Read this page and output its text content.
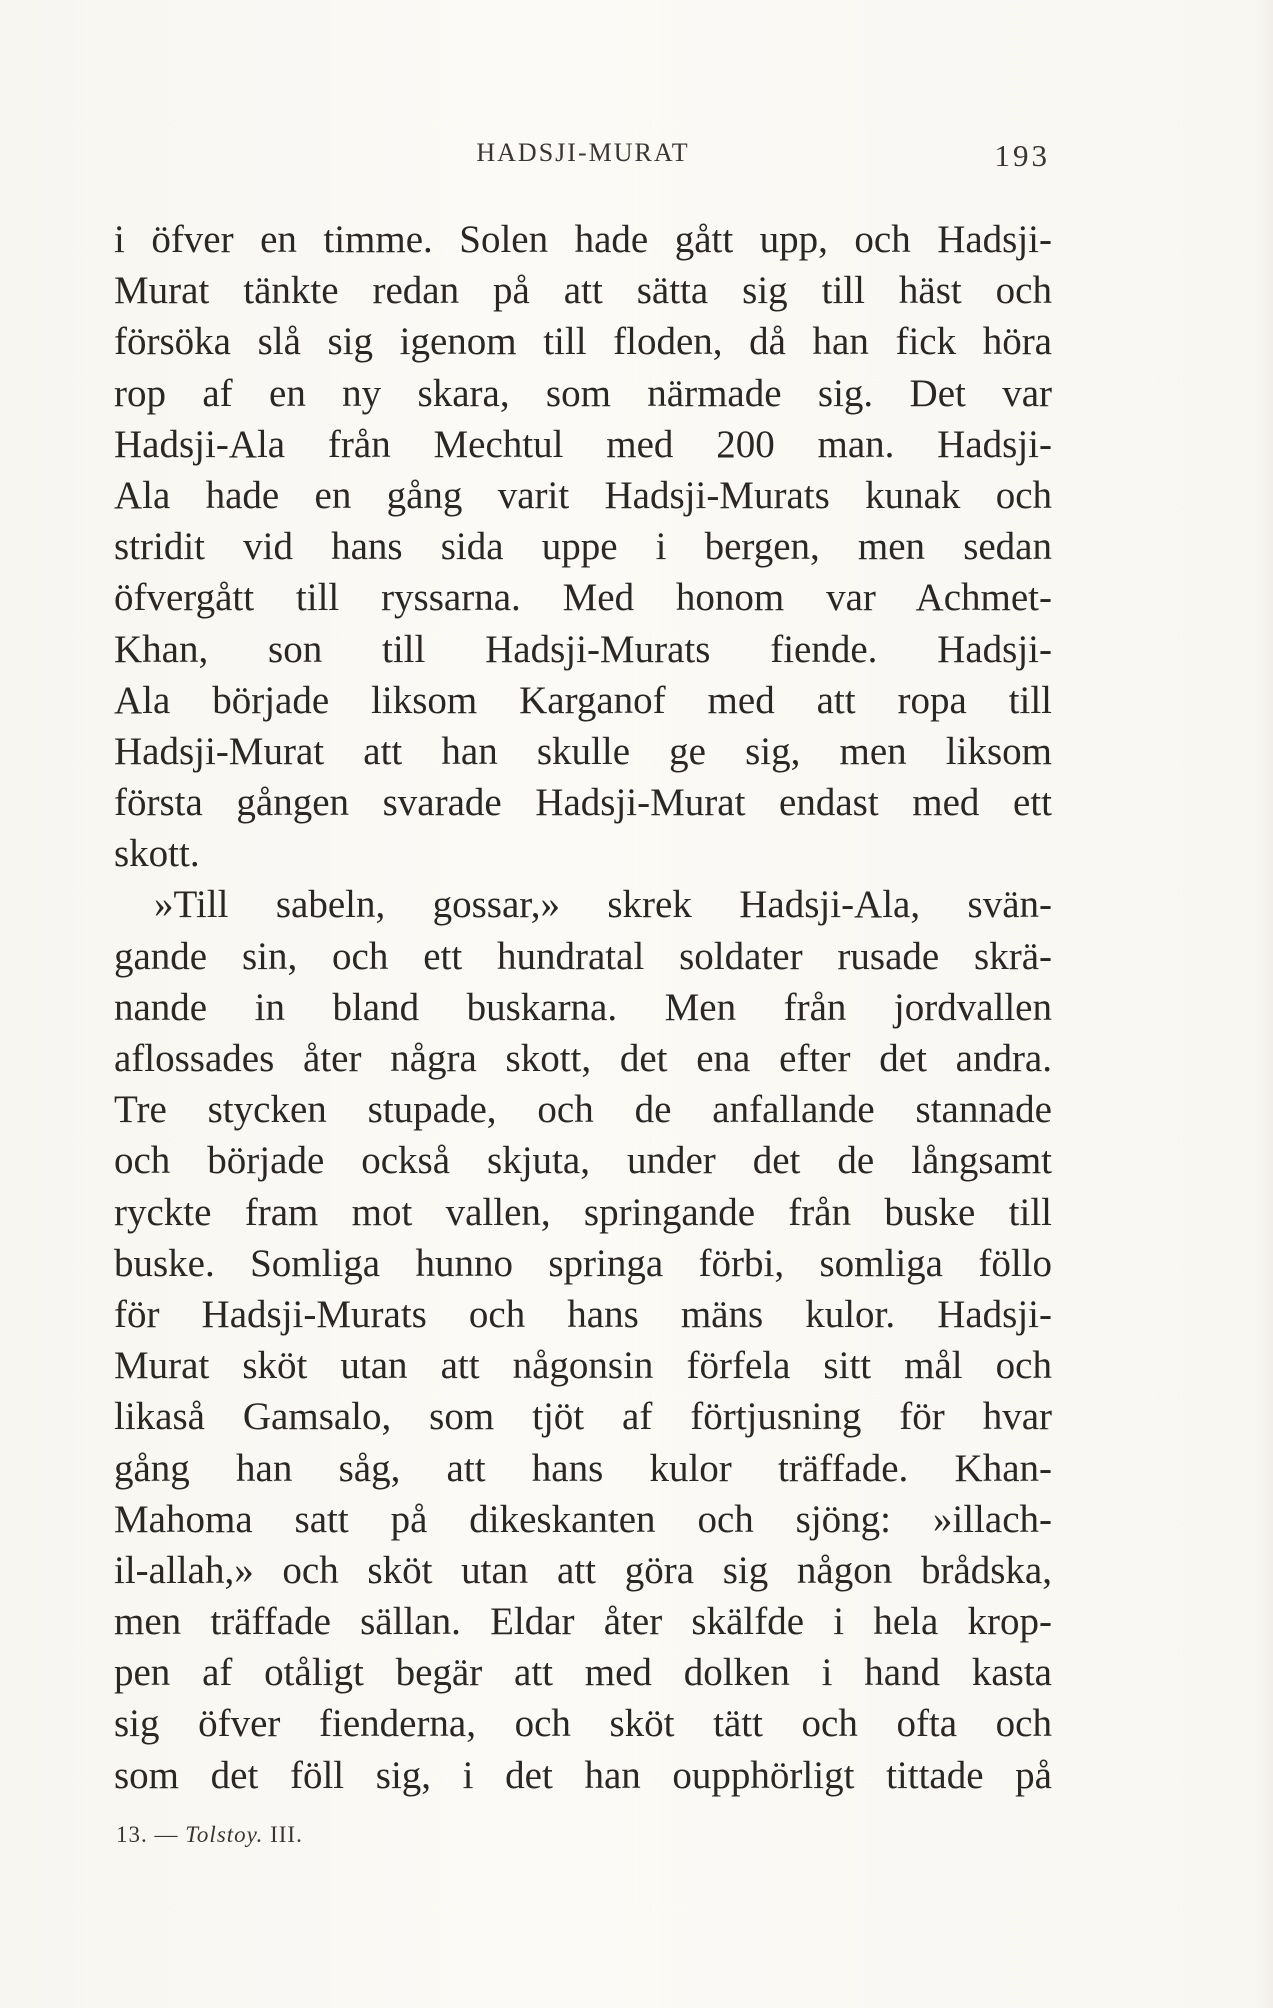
HADSJI-MURAT	193
i öfver en timme. Solen hade gått upp, och Hadsji-
Murat tänkte redan på att sätta sig till häst och
försöka slå sig igenom till floden, då han fick höra
rop af en ny skara, som närmade sig. Det var
Hadsji-Ala från Mechtul med 200 man. Hadsji-
Ala hade en gång varit Hadsji-Murats kunak och
stridit vid hans sida uppe i bergen, men sedan
öfvergått till ryssarna. Med honom var Achmet-
Khan, son till Hadsji-Murats fiende. Hadsji-
Ala började liksom Karganof med att ropa till
Hadsji-Murat att han skulle ge sig, men liksom
första gången svarade Hadsji-Murat endast med ett
skott.
»Till sabeln, gossar,» skrek Hadsji-Ala, svän-
gande sin, och ett hundratal soldater rusade skrä-
nande in bland buskarna. Men från jordvallen
aflossades åter några skott, det ena efter det andra.
Tre stycken stupade, och de anfallande stannade
och började också skjuta, under det de långsamt
ryckte fram mot vallen, springande från buske till
buske. Somliga hunno springa förbi, somliga föllo
för Hadsji-Murats och hans mäns kulor. Hadsji-
Murat sköt utan att någonsin förfela sitt mål och
likaså Gamsalo, som tjöt af förtjusning för hvar
gång han såg, att hans kulor träffade. Khan-
Mahoma satt på dikeskanten och sjöng: »illach-
il-allah,» och sköt utan att göra sig någon brådska,
men träffade sällan. Eldar åter skälfde i hela krop-
pen af otåligt begär att med dolken i hand kasta
sig öfver fienderna, och sköt tätt och ofta och
som det föll sig, i det han oupphörligt tittade på
13. — Tolstoy. III.
